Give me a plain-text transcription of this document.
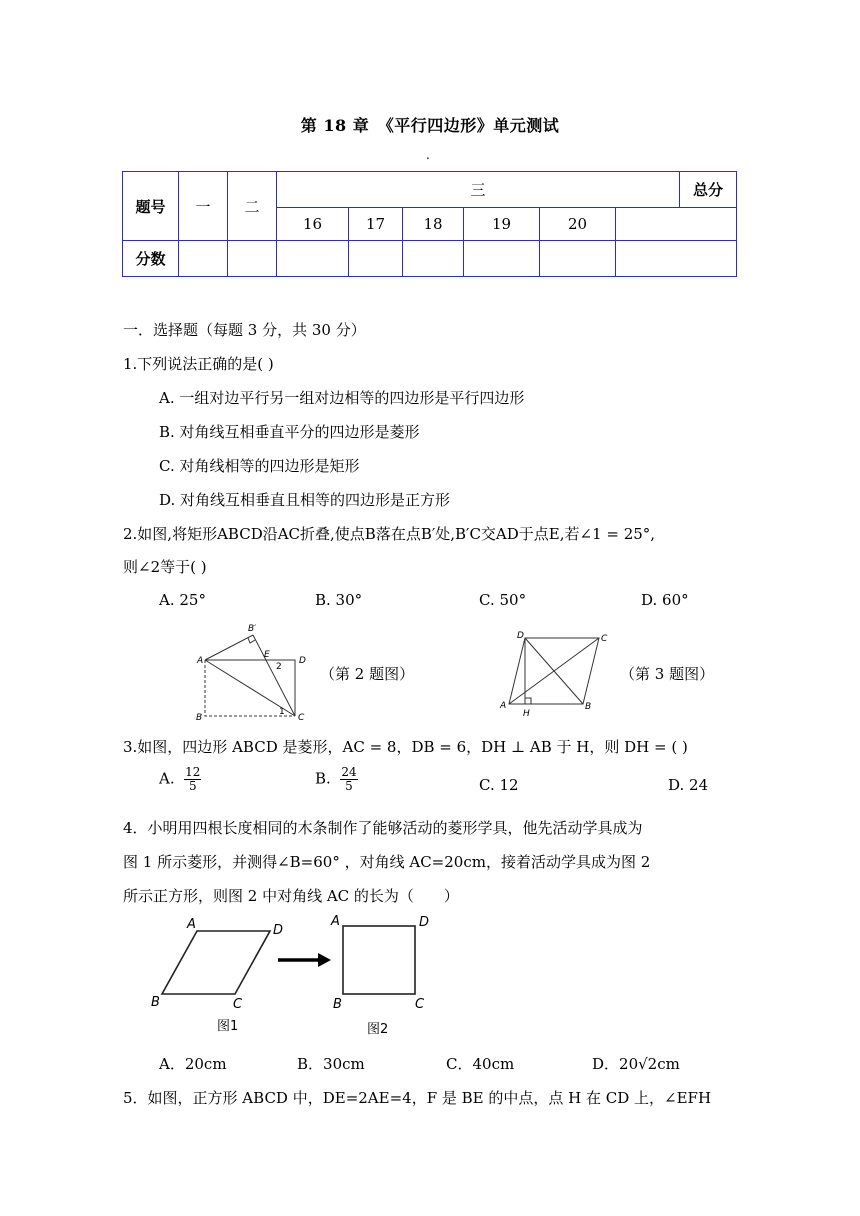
第 18 章　《平行四边形》单元测试
.
题号	一	二	三						总分
			16	17	18	19	20		
分数									
一．选择题（每题 3 分，共 30 分）
1.下列说法正确的是( )
A. 一组对边平行另一组对边相等的四边形是平行四边形
B. 对角线互相垂直平分的四边形是菱形
C. 对角线相等的四边形是矩形
D. 对角线互相垂直且相等的四边形是正方形
2.如图,将矩形ABCD沿AC折叠,使点B落在点B′处,B′C交AD于点E,若∠1 = 25°,
则∠2等于( )
A. 25°	B. 30°	C. 50°	D. 60°
A
B′
E
2
D
B
1
C
（第 2 题图）
D	C
A
H
B
（第 3 题图）
3.如图，四边形 ABCD 是菱形，AC = 8，DB = 6，DH ⊥ AB 于 H，则 DH = ( )
A. $\frac{12}{5}$	B. $\frac{24}{5}$	C. 12	D. 24
4．小明用四根长度相同的木条制作了能够活动的菱形学具，他先活动学具成为
图 1 所示菱形，并测得∠B=60° ，对角线 AC=20cm，接着活动学具成为图 2
所示正方形，则图 2 中对角线 AC 的长为（　　）
A	D
B	C
A	D
B	C
图1	图2
A．20cm	B．30cm	C．40cm	D．20√2cm
5．如图，正方形 ABCD 中，DE=2AE=4，F 是 BE 的中点，点 H 在 CD 上，∠EFH
